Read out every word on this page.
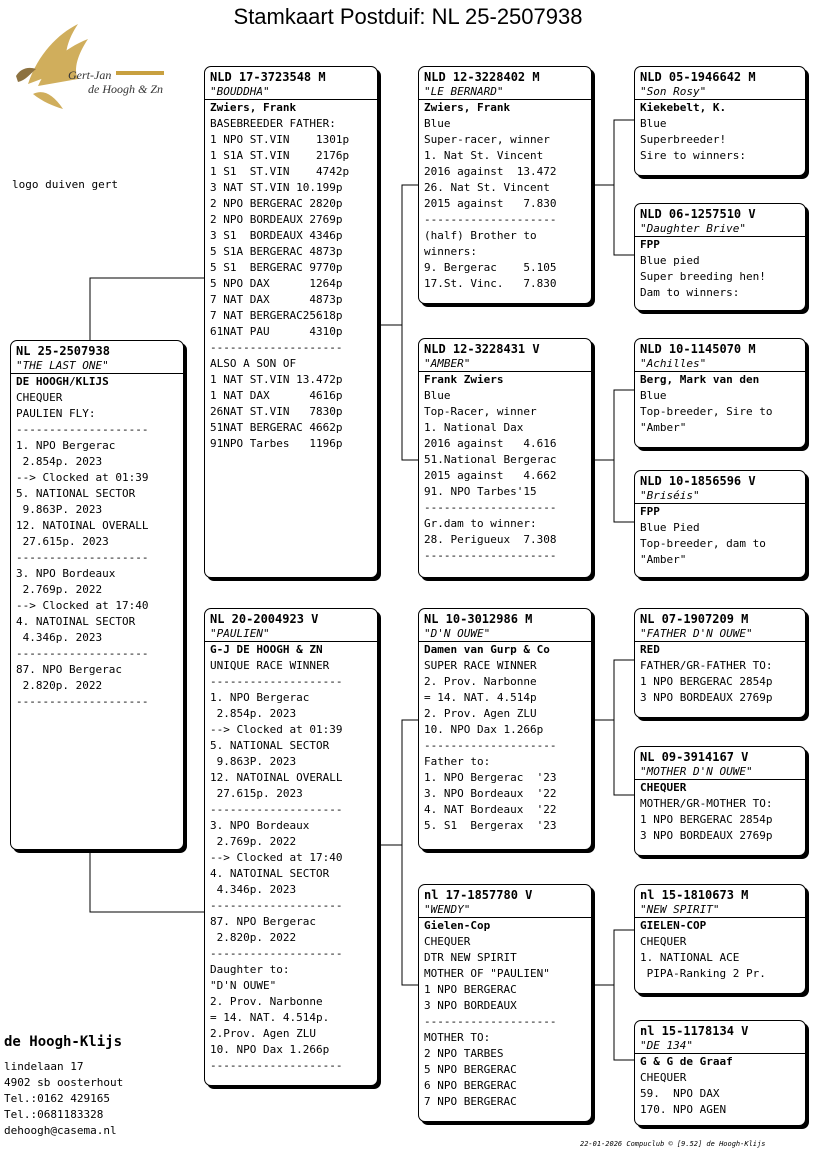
Stamkaart Postduif: NL 25-2507938
Gert-Jan
de Hoogh & Zn
logo duiven gert
NL 25-2507938
"THE LAST ONE"
DE HOOGH/KLIJS
CHEQUER
PAULIEN FLY:
--------------------
1. NPO Bergerac
2.854p. 2023
--> Clocked at 01:39
5. NATIONAL SECTOR
9.863P. 2023
12. NATOINAL OVERALL
27.615p. 2023
--------------------
3. NPO Bordeaux
2.769p. 2022
--> Clocked at 17:40
4. NATOINAL SECTOR
4.346p. 2023
--------------------
87. NPO Bergerac
2.820p. 2022
--------------------
NLD 17-3723548 M
"BOUDDHA"
Zwiers, Frank
BASEBREEDER FATHER:
1 NPO ST.VIN    1301p
1 S1A ST.VIN    2176p
1 S1  ST.VIN    4742p
3 NAT ST.VIN 10.199p
2 NPO BERGERAC 2820p
2 NPO BORDEAUX 2769p
3 S1  BORDEAUX 4346p
5 S1A BERGERAC 4873p
5 S1  BERGERAC 9770p
5 NPO DAX      1264p
7 NAT DAX      4873p
7 NAT BERGERAC25618p
61NAT PAU      4310p
--------------------
ALSO A SON OF
1 NAT ST.VIN 13.472p
1 NAT DAX      4616p
26NAT ST.VIN   7830p
51NAT BERGERAC 4662p
91NPO Tarbes   1196p
NL 20-2004923 V
"PAULIEN"
G-J DE HOOGH & ZN
UNIQUE RACE WINNER
--------------------
1. NPO Bergerac
2.854p. 2023
--> Clocked at 01:39
5. NATIONAL SECTOR
9.863P. 2023
12. NATOINAL OVERALL
27.615p. 2023
--------------------
3. NPO Bordeaux
2.769p. 2022
--> Clocked at 17:40
4. NATOINAL SECTOR
4.346p. 2023
--------------------
87. NPO Bergerac
2.820p. 2022
--------------------
Daughter to:
"D'N OUWE"
2. Prov. Narbonne
= 14. NAT. 4.514p.
2.Prov. Agen ZLU
10. NPO Dax 1.266p
--------------------
NLD 12-3228402 M
"LE BERNARD"
Zwiers, Frank
Blue
Super-racer, winner
1. Nat St. Vincent
2016 against  13.472
26. Nat St. Vincent
2015 against   7.830
--------------------
(half) Brother to
winners:
9. Bergerac    5.105
17.St. Vinc.   7.830
NLD 12-3228431 V
"AMBER"
Frank Zwiers
Blue
Top-Racer, winner
1. National Dax
2016 against   4.616
51.National Bergerac
2015 against   4.662
91. NPO Tarbes'15
--------------------
Gr.dam to winner:
28. Perigueux  7.308
--------------------
NL 10-3012986 M
"D'N OUWE"
Damen van Gurp & Co
SUPER RACE WINNER
2. Prov. Narbonne
= 14. NAT. 4.514p
2. Prov. Agen ZLU
10. NPO Dax 1.266p
--------------------
Father to:
1. NPO Bergerac  '23
3. NPO Bordeaux  '22
4. NAT Bordeaux  '22
5. S1  Bergerax  '23
nl 17-1857780 V
"WENDY"
Gielen-Cop
CHEQUER
DTR NEW SPIRIT
MOTHER OF "PAULIEN"
1 NPO BERGERAC
3 NPO BORDEAUX
--------------------
MOTHER TO:
2 NPO TARBES
5 NPO BERGERAC
6 NPO BERGERAC
7 NPO BERGERAC
NLD 05-1946642 M
"Son Rosy"
Kiekebelt, K.
Blue
Superbreeder!
Sire to winners:
NLD 06-1257510 V
"Daughter Brive"
FPP
Blue pied
Super breeding hen!
Dam to winners:
NLD 10-1145070 M
"Achilles"
Berg, Mark van den
Blue
Top-breeder, Sire to
"Amber"
NLD 10-1856596 V
"Briséis"
FPP
Blue Pied
Top-breeder, dam to
"Amber"
NL 07-1907209 M
"FATHER D'N OUWE"
RED
FATHER/GR-FATHER TO:
1 NPO BERGERAC 2854p
3 NPO BORDEAUX 2769p
NL 09-3914167 V
"MOTHER D'N OUWE"
CHEQUER
MOTHER/GR-MOTHER TO:
1 NPO BERGERAC 2854p
3 NPO BORDEAUX 2769p
nl 15-1810673 M
"NEW SPIRIT"
GIELEN-COP
CHEQUER
1. NATIONAL ACE
PIPA-Ranking 2 Pr.
nl 15-1178134 V
"DE 134"
G & G de Graaf
CHEQUER
59.  NPO DAX
170. NPO AGEN
de Hoogh-Klijs
lindelaan 17
4902 sb oosterhout
Tel.:0162 429165
Tel.:0681183328
dehoogh@casema.nl
22-01-2026 Compuclub © [9.52] de Hoogh-Klijs
